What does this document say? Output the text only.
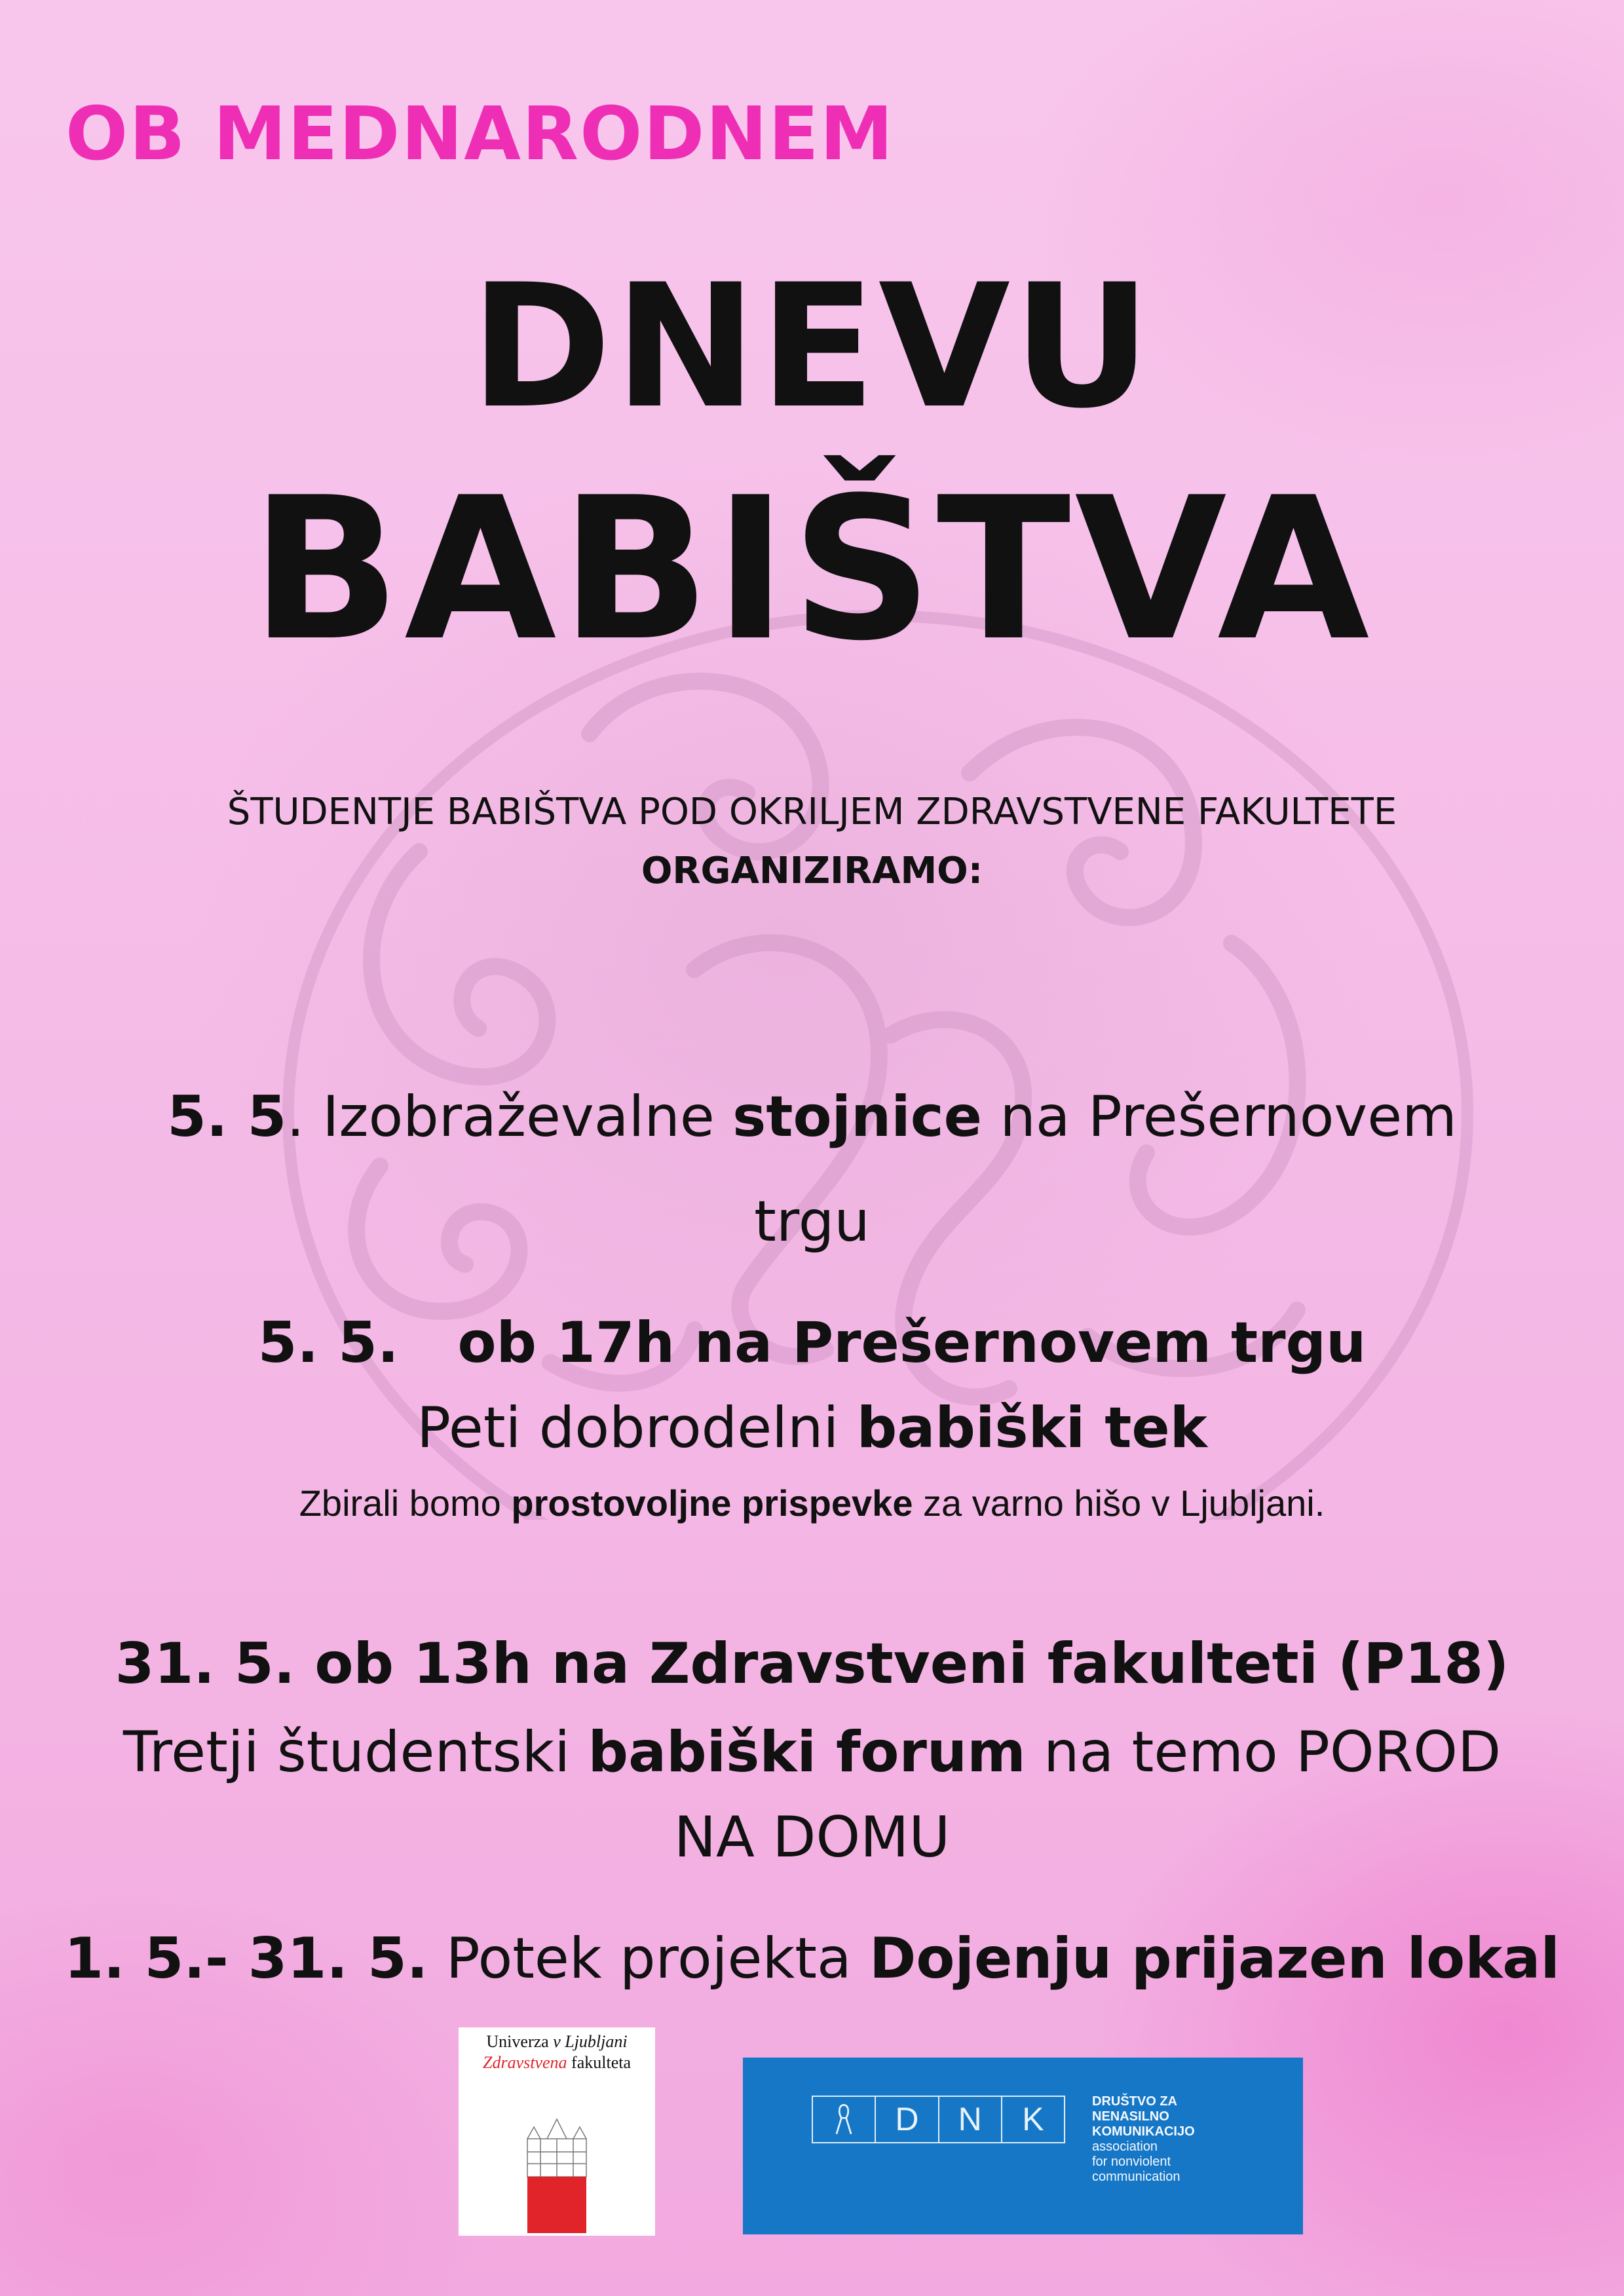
OB MEDNARODNEM
DNEVU
BABIŠTVA
ŠTUDENTJE BABIŠTVA POD OKRILJEM ZDRAVSTVENE FAKULTETE
ORGANIZIRAMO:
5. 5. Izobraževalne stojnice na Prešernovem
trgu
5. 5.   ob 17h na Prešernovem trgu
Peti dobrodelni babiški tek
Zbirali bomo prostovoljne prispevke za varno hišo v Ljubljani.
31. 5. ob 13h na Zdravstveni fakulteti (P18)
Tretji študentski babiški forum na temo POROD
NA DOMU
1. 5.- 31. 5. Potek projekta Dojenju prijazen lokal
Univerza v Ljubljani
Zdravstvena fakulteta
D	N	K	DRUŠTVO ZA
NENASILNO
KOMUNIKACIJO
association
for nonviolent
communication
